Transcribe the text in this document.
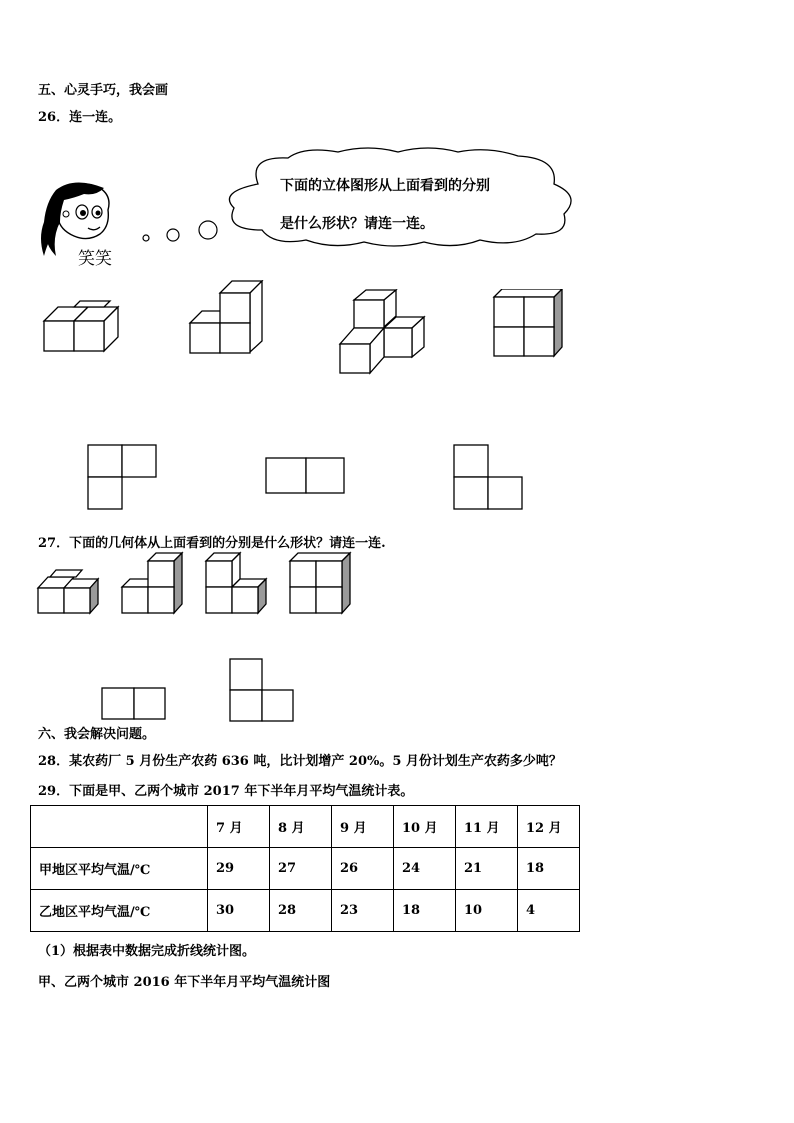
五、心灵手巧，我会画
26．连一连。
笑笑
下面的立体图形从上面看到的分别
是什么形状？请连一连。
27．下面的几何体从上面看到的分别是什么形状？请连一连.
六、我会解决问题。
28．某农药厂 5 月份生产农药 636 吨，比计划增产 20%。5 月份计划生产农药多少吨？
29．下面是甲、乙两个城市 2017 年下半年月平均气温统计表。
	7 月	8 月	9 月	10 月	11 月	12 月
甲地区平均气温/℃	29	27	26	24	21	18
乙地区平均气温/℃	30	28	23	18	10	4
（1）根据表中数据完成折线统计图。
甲、乙两个城市 2016 年下半年月平均气温统计图
